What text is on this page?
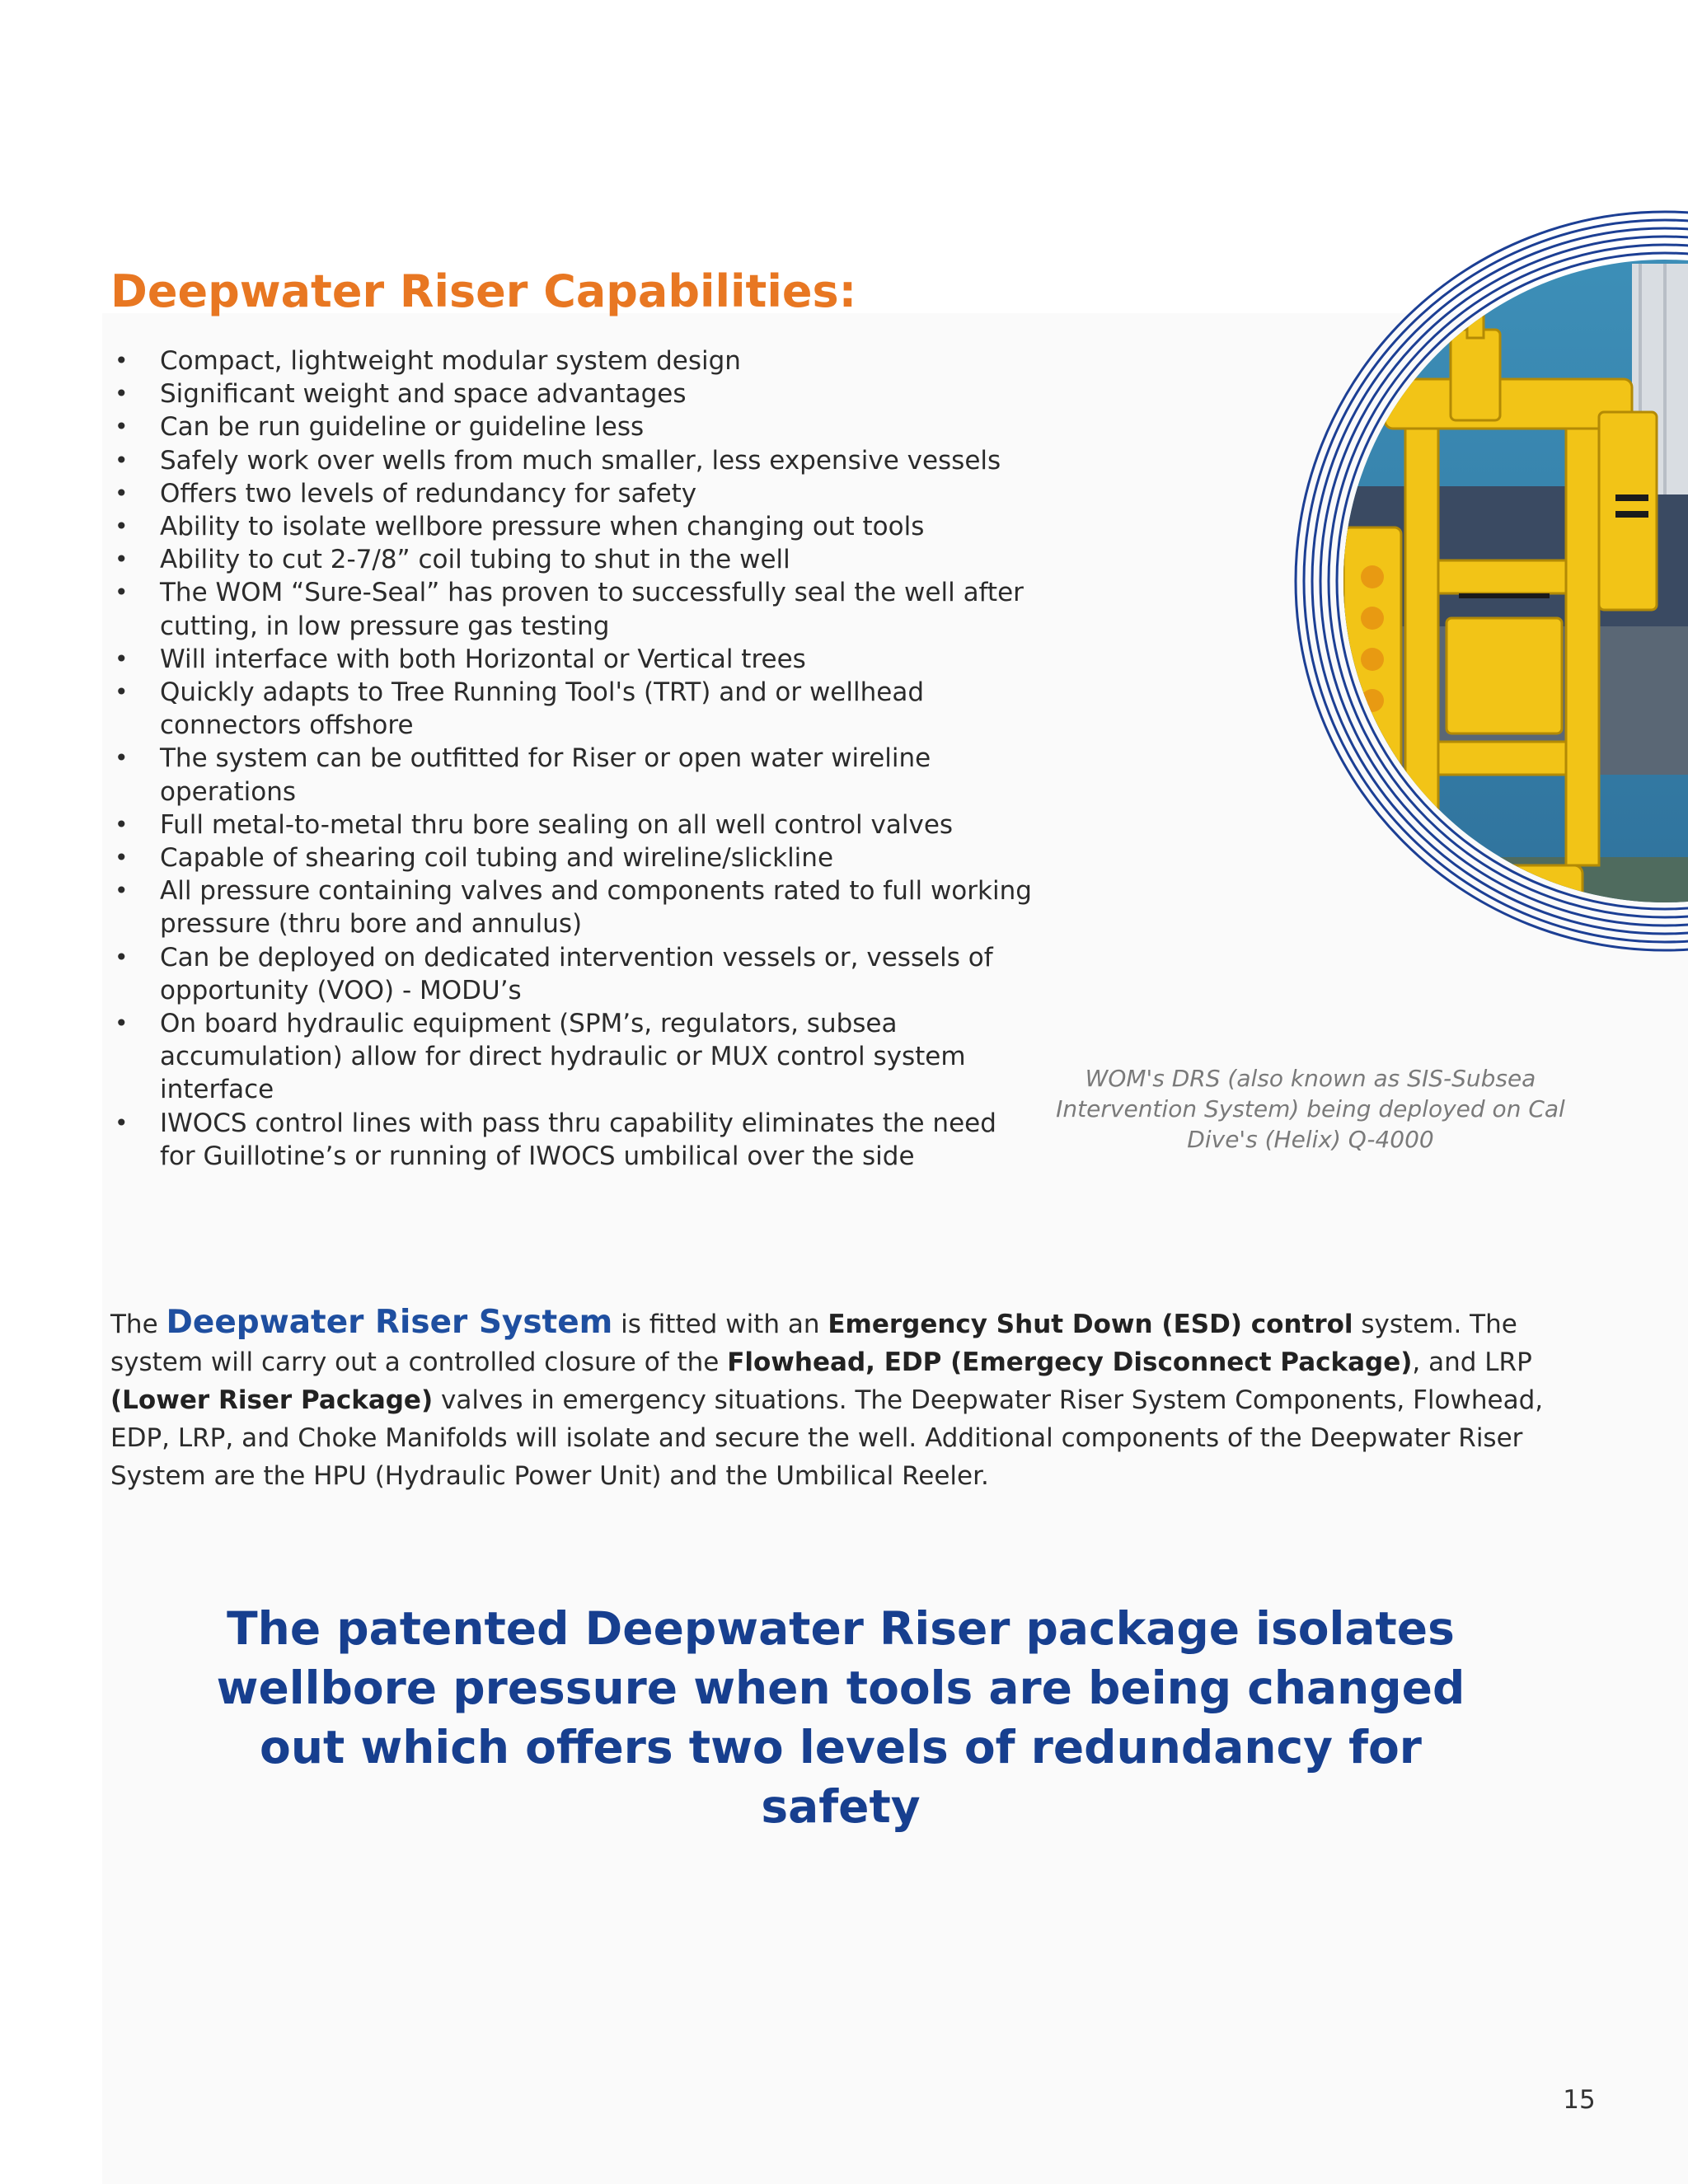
Deepwater Riser Capabilities:
• Compact, lightweight modular system design
• Significant weight and space advantages
• Can be run guideline or guideline less
• Safely work over wells from much smaller, less expensive vessels
• Offers two levels of redundancy for safety
• Ability to isolate wellbore pressure when changing out tools
• Ability to cut 2-7/8” coil tubing to shut in the well
• The WOM “Sure-Seal” has proven to successfully seal the well after cutting, in low pressure gas testing
• Will interface with both Horizontal or Vertical trees
• Quickly adapts to Tree Running Tool's (TRT) and or wellhead connectors offshore
• The system can be outfitted for Riser or open water wireline operations
• Full metal-to-metal thru bore sealing on all well control valves
• Capable of shearing coil tubing and wireline/slickline
• All pressure containing valves and components rated to full working pressure (thru bore and annulus)
• Can be deployed on dedicated intervention vessels or, vessels of opportunity (VOO) - MODU’s
• On board hydraulic equipment (SPM’s, regulators, subsea accumulation) allow for direct hydraulic or MUX control system interface
• IWOCS control lines with pass thru capability eliminates the need for Guillotine’s or running of IWOCS umbilical over the side
WOM's DRS (also known as SIS-Subsea Intervention System) being deployed on Cal Dive's (Helix) Q-4000

The Deepwater Riser System is fitted with an Emergency Shut Down (ESD) control system. The system will carry out a controlled closure of the Flowhead, EDP (Emergecy Disconnect Package), and LRP (Lower Riser Package) valves in emergency situations. The Deepwater Riser System Components, Flowhead, EDP, LRP, and Choke Manifolds will isolate and secure the well. Additional components of the Deepwater Riser System are the HPU (Hydraulic Power Unit) and the Umbilical Reeler.

The patented Deepwater Riser package isolates wellbore pressure when tools are being changed out which offers two levels of redundancy for safety

15
